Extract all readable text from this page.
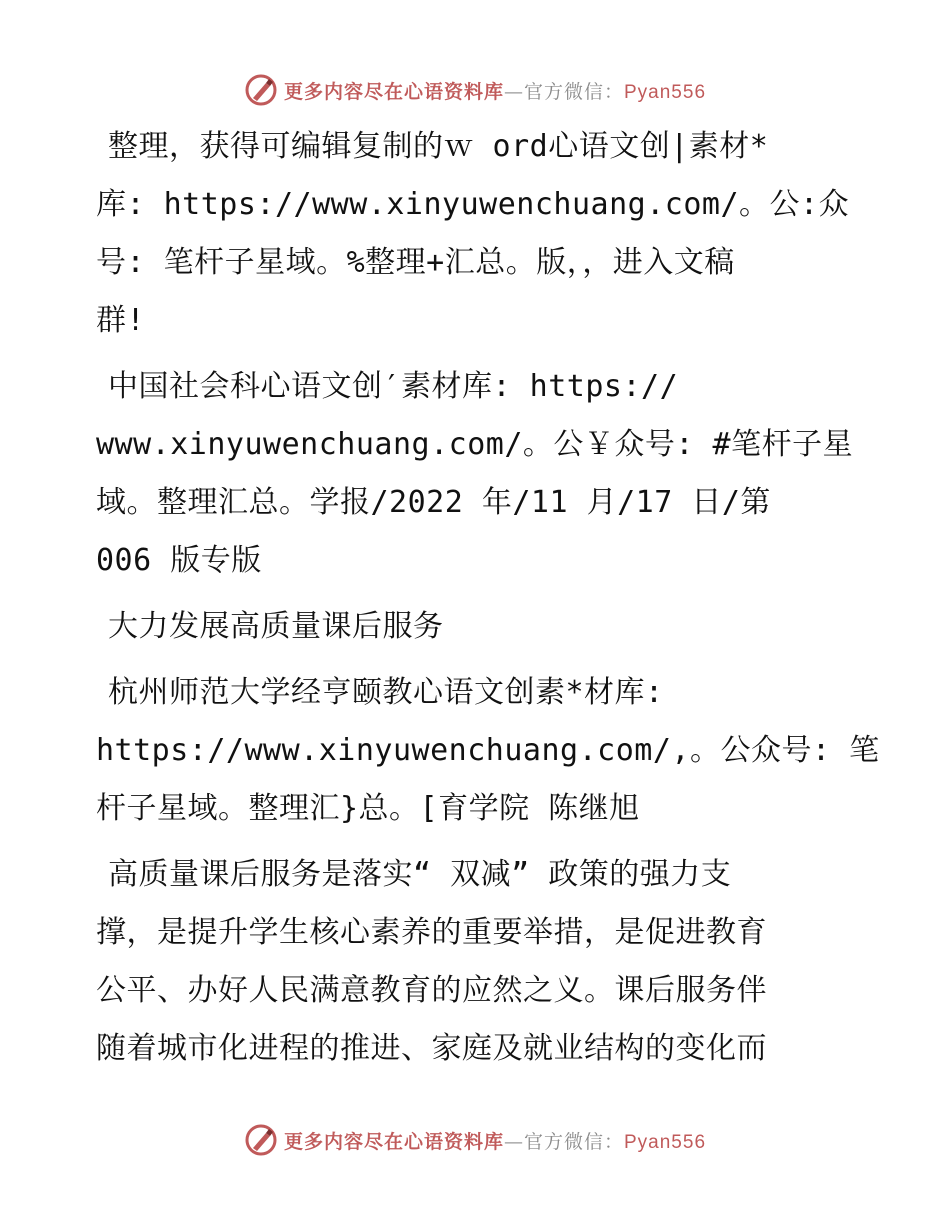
更多内容尽在心语资料库—官方微信：Pyan556
整理，获得可编辑复制的ｗ ord心语文创|素材*
库: https://www.xinyuwenchuang.com/。公:众
号: 笔杆子星域。%整理+汇总。版，，进入文稿
群!
中国社会科心语文创′素材库: https://
www.xinyuwenchuang.com/。公￥众号: #笔杆子星
域。整理汇总。学报/2022 年/11 月/17 日/第
006 版专版
大力发展高质量课后服务
杭州师范大学经亨颐教心语文创素*材库:
https://www.xinyuwenchuang.com/,。公众号: 笔
杆子星域。整理汇}总。[育学院 陈继旭
高质量课后服务是落实“ 双减” 政策的强力支
撑，是提升学生核心素养的重要举措，是促进教育
公平、办好人民满意教育的应然之义。课后服务伴
随着城市化进程的推进、家庭及就业结构的变化而
更多内容尽在心语资料库—官方微信：Pyan556
